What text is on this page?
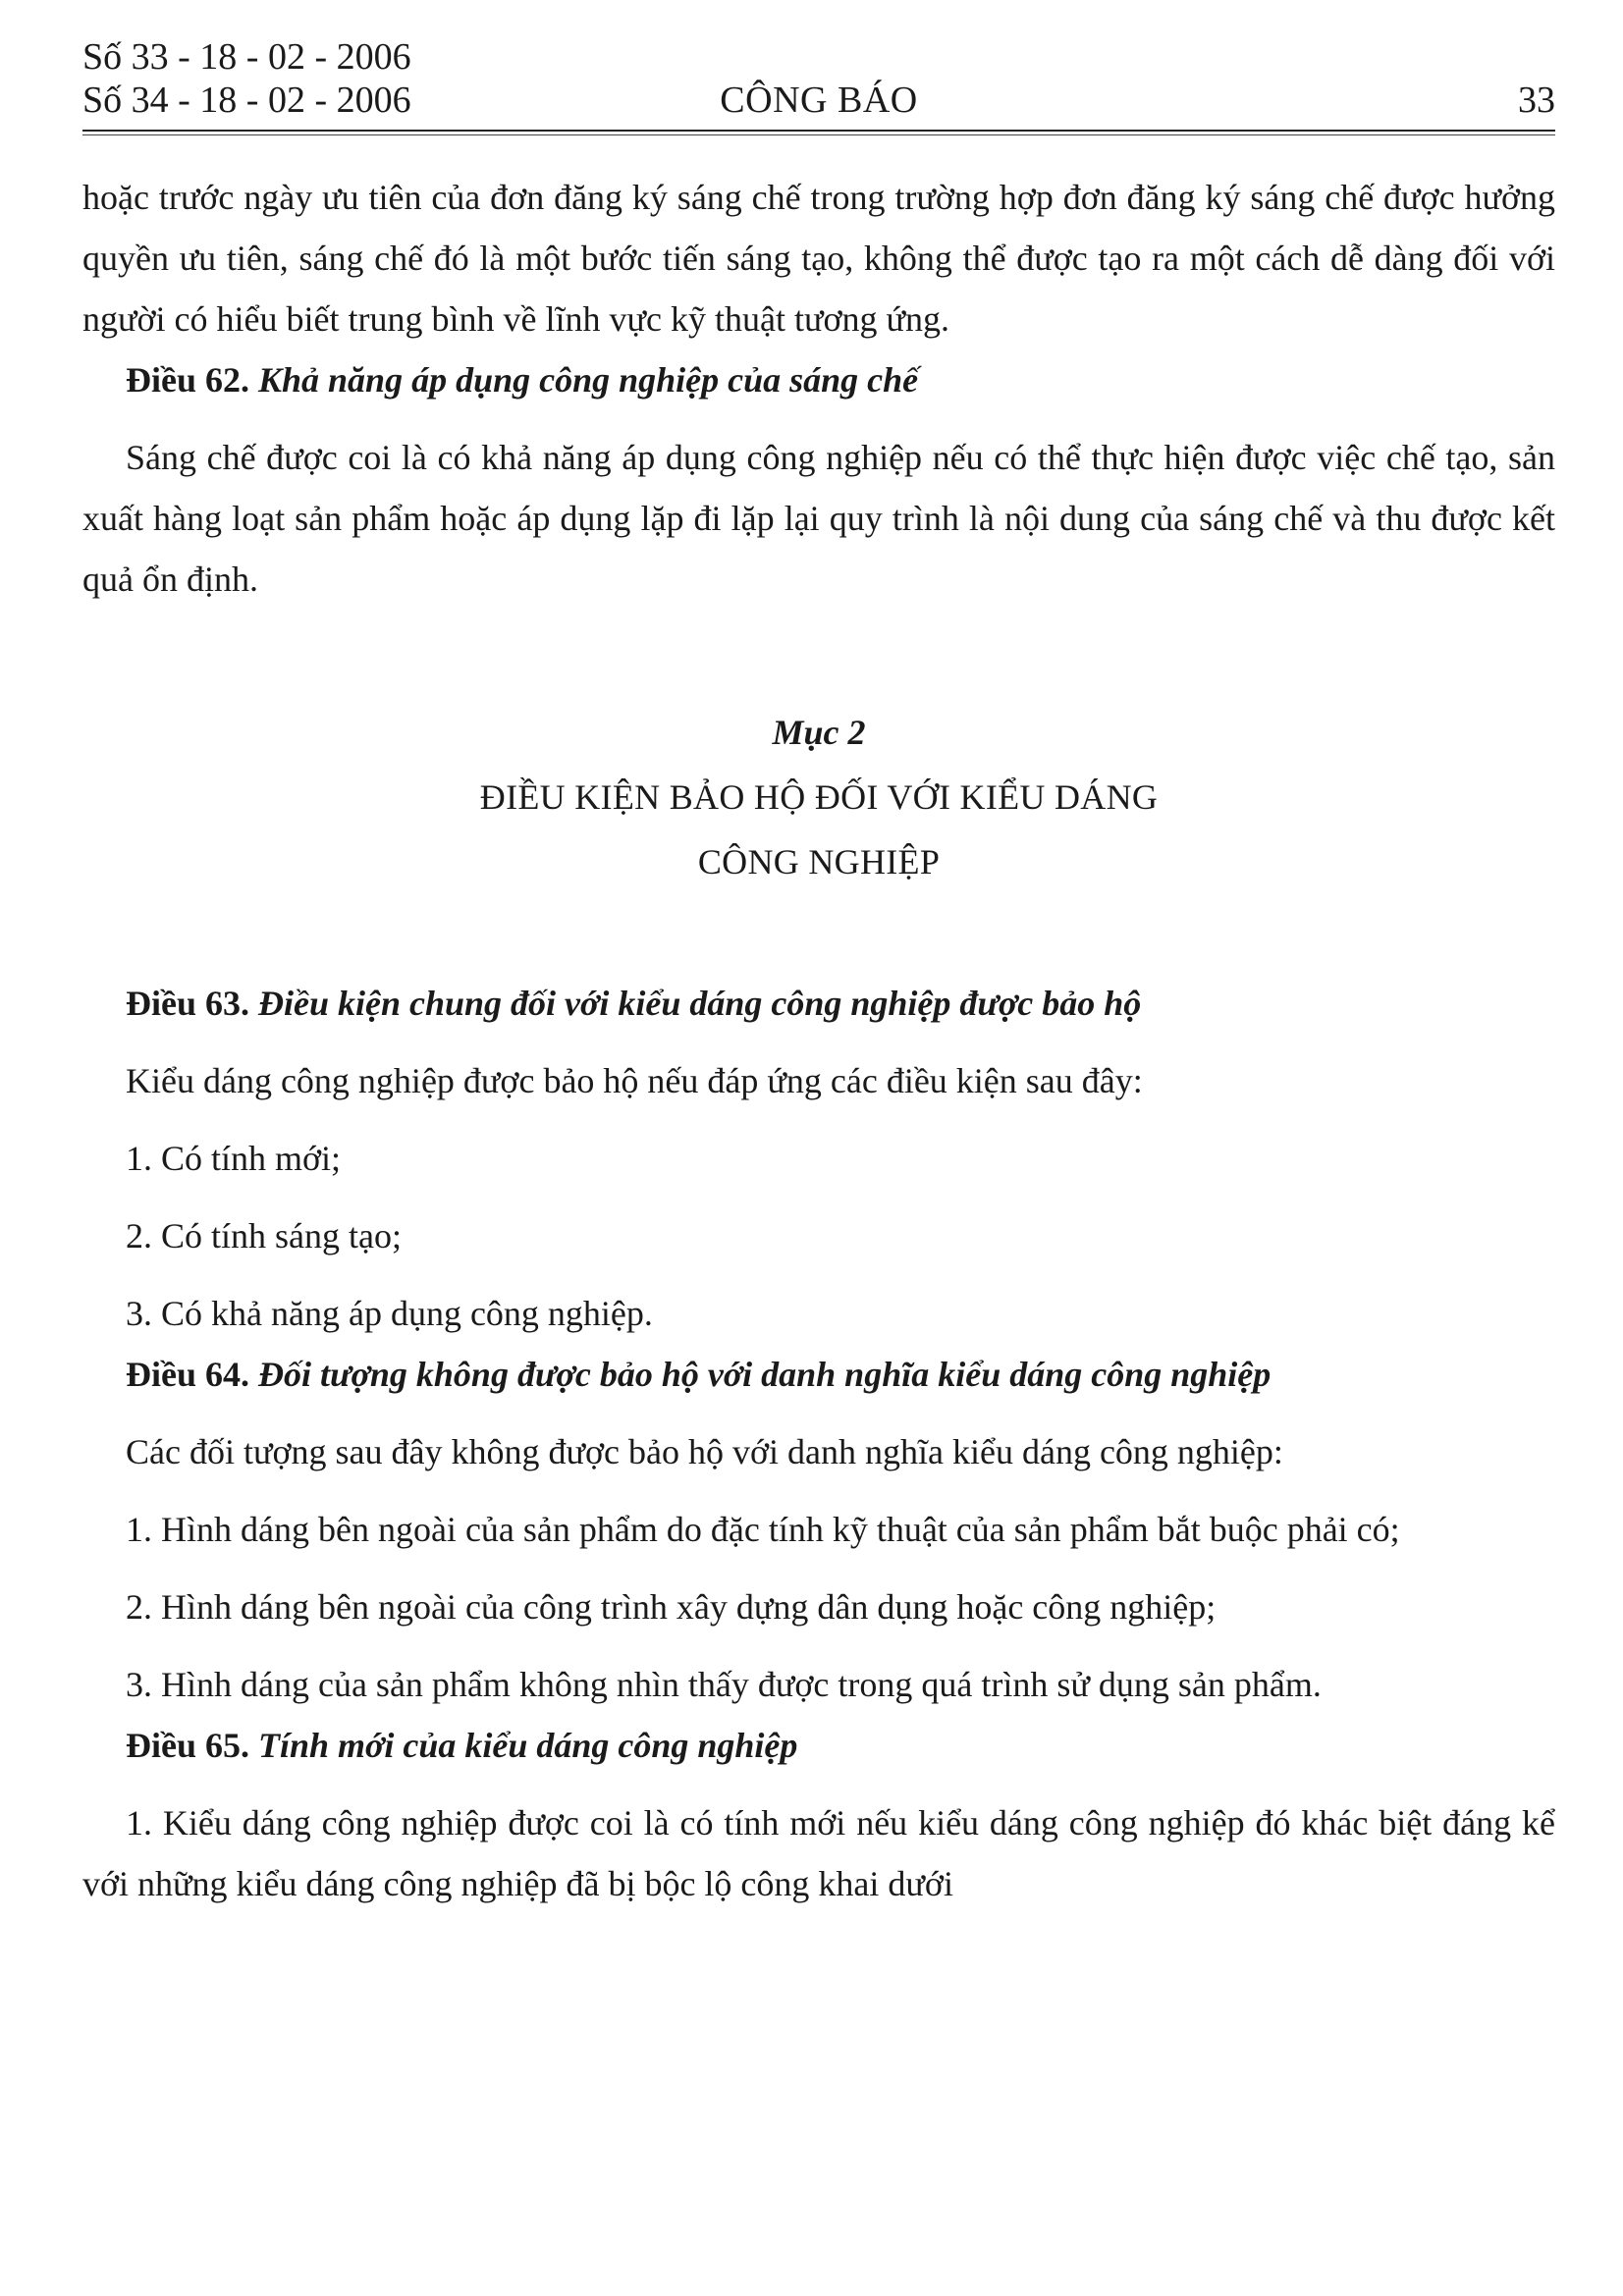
Số 33 - 18 - 02 - 2006
Số 34 - 18 - 02 - 2006	CÔNG BÁO	33

hoặc trước ngày ưu tiên của đơn đăng ký sáng chế trong trường hợp đơn đăng ký sáng chế được hưởng quyền ưu tiên, sáng chế đó là một bước tiến sáng tạo, không thể được tạo ra một cách dễ dàng đối với người có hiểu biết trung bình về lĩnh vực kỹ thuật tương ứng.

Điều 62. Khả năng áp dụng công nghiệp của sáng chế

Sáng chế được coi là có khả năng áp dụng công nghiệp nếu có thể thực hiện được việc chế tạo, sản xuất hàng loạt sản phẩm hoặc áp dụng lặp đi lặp lại quy trình là nội dung của sáng chế và thu được kết quả ổn định.

Mục 2
ĐIỀU KIỆN BẢO HỘ ĐỐI VỚI KIỂU DÁNG
CÔNG NGHIỆP

Điều 63. Điều kiện chung đối với kiểu dáng công nghiệp được bảo hộ

Kiểu dáng công nghiệp được bảo hộ nếu đáp ứng các điều kiện sau đây:

1. Có tính mới;

2. Có tính sáng tạo;

3. Có khả năng áp dụng công nghiệp.

Điều 64. Đối tượng không được bảo hộ với danh nghĩa kiểu dáng công nghiệp

Các đối tượng sau đây không được bảo hộ với danh nghĩa kiểu dáng công nghiệp:

1. Hình dáng bên ngoài của sản phẩm do đặc tính kỹ thuật của sản phẩm bắt buộc phải có;

2. Hình dáng bên ngoài của công trình xây dựng dân dụng hoặc công nghiệp;

3. Hình dáng của sản phẩm không nhìn thấy được trong quá trình sử dụng sản phẩm.

Điều 65. Tính mới của kiểu dáng công nghiệp

1. Kiểu dáng công nghiệp được coi là có tính mới nếu kiểu dáng công nghiệp đó khác biệt đáng kể với những kiểu dáng công nghiệp đã bị bộc lộ công khai dưới
